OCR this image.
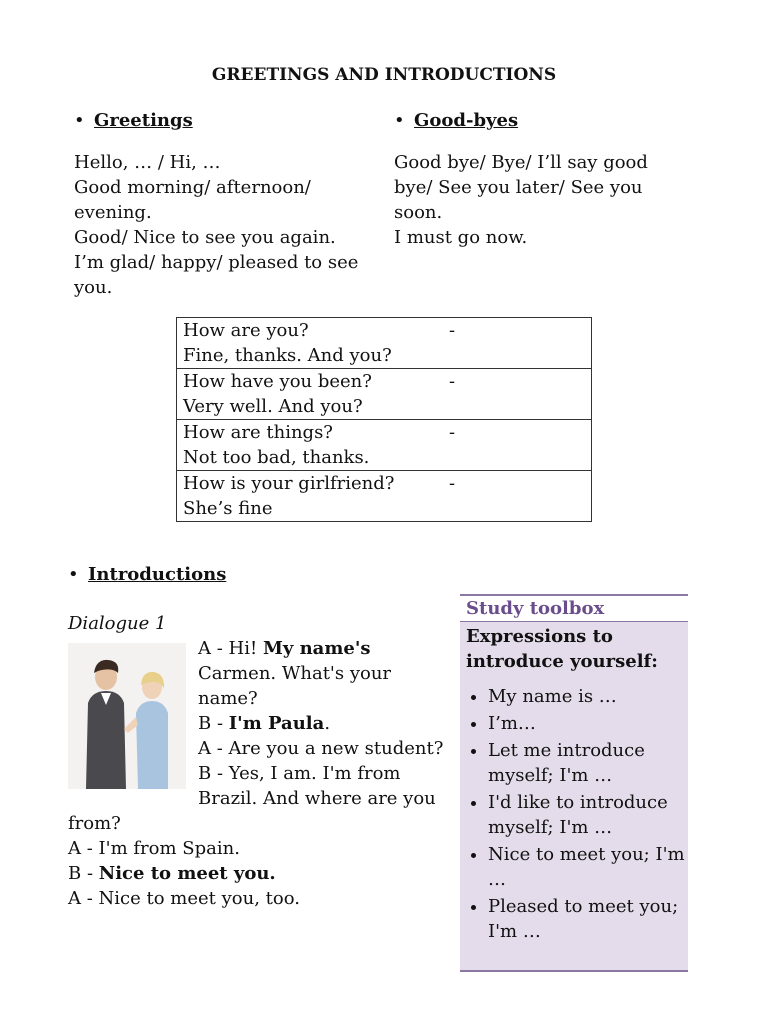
GREETINGS AND INTRODUCTIONS
• Greetings
Hello, … / Hi, …
Good morning/ afternoon/
evening.
Good/ Nice to see you again.
I’m glad/ happy/ pleased to see
you.
• Good-byes
Good bye/ Bye/ I’ll say good
bye/ See you later/ See you
soon.
I must go now.
How are you?	-
Fine, thanks. And you?

How have you been?	-
Very well. And you?

How are things?	-
Not too bad, thanks.

How is your girlfriend?	-
She’s fine
• Introductions
Dialogue 1

A - Hi! My name's

Carmen. What's your

name?

B - I'm Paula.

A - Are you a new student?

B - Yes, I am. I'm from

Brazil. And where are you

from?

A - I'm from Spain.

B - Nice to meet you.

A - Nice to meet you, too.

Study toolbox
Expressions to introduce yourself:
• My name is …
• I’m…
• Let me introduce myself; I'm …
• I'd like to introduce myself; I'm …
• Nice to meet you; I'm …
• Pleased to meet you; I'm …
